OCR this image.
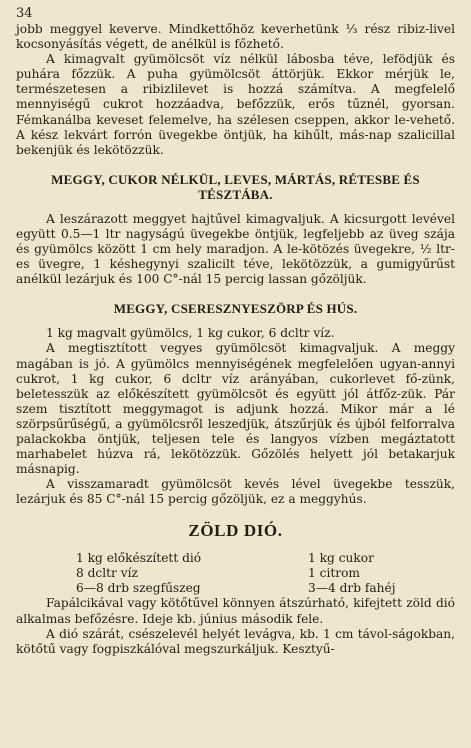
34

jobb meggyel keverve. Mindkettőhöz keverhetünk ⅓ rész ribiz-livel kocsonyásítás végett, de anélkül is főzhető.

A kimagvalt gyümölcsöt víz nélkül lábosba téve, lefödjük és puhára főzzük. A puha gyümölcsöt áttörjük. Ekkor mérjük le, természetesen a ribizlilevet is hozzá számítva. A megfelelő mennyiségű cukrot hozzáadva, befőzzük, erős tűznél, gyorsan. Fémkanálba keveset felemelve, ha szélesen cseppen, akkor le-vehető. A kész lekvárt forrón üvegekbe öntjük, ha kihűlt, más-nap szalicillal bekenjük és lekötözzük.

MEGGY, CUKOR NÉLKÜL, LEVES, MÁRTÁS, RÉTESBE ÉS TÉSZTÁBA.

A leszárazott meggyet hajtűvel kimagvaljuk. A kicsurgott levével együtt 0.5—1 ltr nagyságú üvegekbe öntjük, legfeljebb az üveg szája és gyümölcs között 1 cm hely maradjon. A le-kötözés üvegekre, ½ ltr-es üvegre, 1 késhegynyi szalicilt téve, lekötözzük, a gumigyűrűst anélkül lezárjuk és 100 C°-nál 15 percig lassan gőzöljük.

MEGGY, CSERESZNYESZÖRP ÉS HÚS.

1 kg magvalt gyümölcs, 1 kg cukor, 6 dcltr víz.

A megtisztított vegyes gyümölcsöt kimagvaljuk. A meggy magában is jó. A gyümölcs mennyiségének megfelelően ugyan-annyi cukrot, 1 kg cukor, 6 dcltr víz arányában, cukorlevet fő-zünk, beletesszük az előkészített gyümölcsöt és együtt jól átfőz-zük. Pár szem tisztított meggymagot is adjunk hozzá. Mikor már a lé szörpsűrűségű, a gyümölcsről leszedjük, átszűrjük és újból felforralva palackokba öntjük, teljesen tele és langyos vízben megáztatott marhabelet húzva rá, lekötözzük. Gőzölés helyett jól betakarjuk másnapig.

A visszamaradt gyümölcsöt kevés lével üvegekbe tesszük, lezárjuk és 85 C°-nál 15 percig gőzöljük, ez a meggyhús.

ZÖLD DIÓ.
1 kg előkészített dió	1 kg cukor
8 dcltr víz	1 citrom
6—8 drb szegfűszeg	3—4 drb fahéj

Fapálcikával vagy kötőtűvel könnyen átszúrható, kifejtett zöld dió alkalmas befőzésre. Ideje kb. június második fele.

A dió szárát, csészelevél helyét levágva, kb. 1 cm távol-ságokban, kötőtű vagy fogpiszkálóval megszurkáljuk. Kesztyű-
